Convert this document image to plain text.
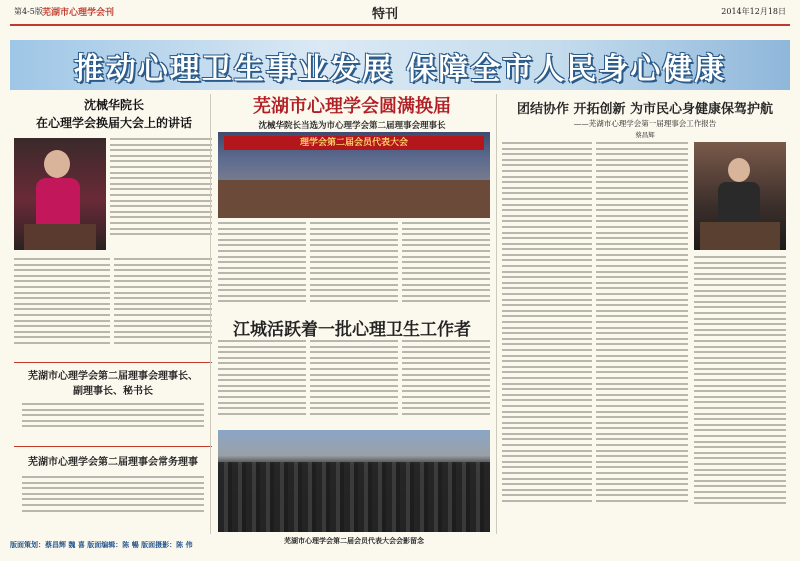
第4-5版 芜湖市心理学会刊	特刊	2014年12月18日
推动心理卫生事业发展 保障全市人民身心健康
沈械华院长
在心理学会换届大会上的讲话
芜湖市心理学会第二届理事会理事长、
副理事长、秘书长
芜湖市心理学会第二届理事会常务理事
版面策划：蔡昌辉 魏 喜 版面编辑：陈 暢 版面摄影：陈 伟
芜湖市心理学会圆满换届
沈械华院长当选为市心理学会第二届理事会理事长
理学会第二届会员代表大会
江城活跃着一批心理卫生工作者
芜湖市心理学会第二届会员代表大会会影留念
团结协作 开拓创新 为市民心身健康保驾护航
——芜湖市心理学会第一届理事会工作报告
蔡昌辉
